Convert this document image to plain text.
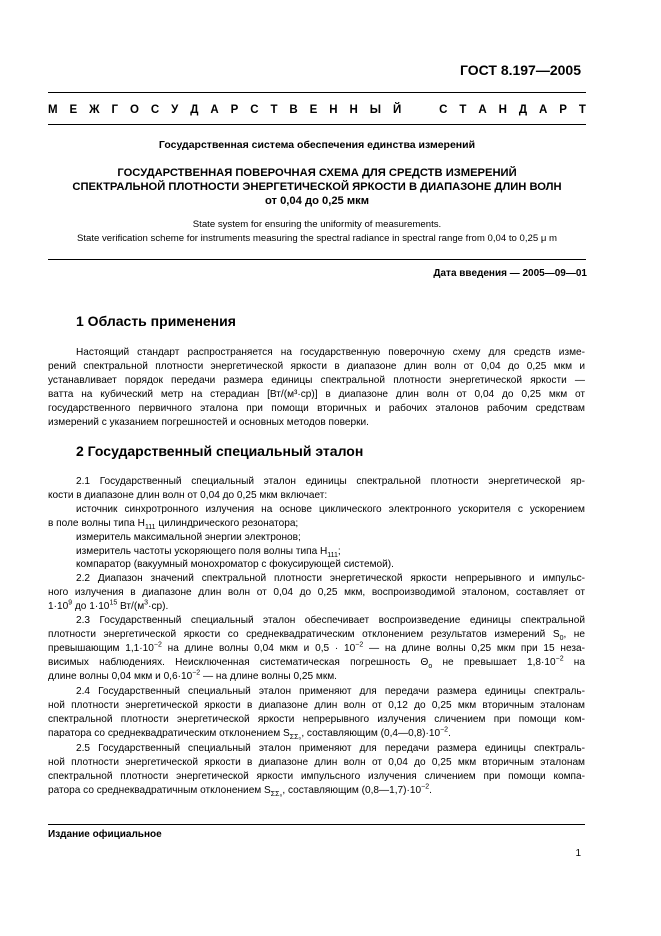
ГОСТ 8.197—2005
М Е Ж Г О С У Д А Р С Т В Е Н Н Ы Й	С Т А Н Д А Р Т
Государственная система обеспечения единства измерений
ГОСУДАРСТВЕННАЯ ПОВЕРОЧНАЯ СХЕМА ДЛЯ СРЕДСТВ ИЗМЕРЕНИЙ
СПЕКТРАЛЬНОЙ ПЛОТНОСТИ ЭНЕРГЕТИЧЕСКОЙ ЯРКОСТИ В ДИАПАЗОНЕ ДЛИН ВОЛН
от 0,04 до 0,25 мкм
State system for ensuring the uniformity of measurements.
State verification scheme for instruments measuring the spectral radiance in spectral range from 0,04 to 0,25 μ m
Дата введения — 2005—09—01
1 Область применения
Настоящий стандарт распространяется на государственную поверочную схему для средств изме-
рений спектральной плотности энергетической яркости в диапазоне длин волн от 0,04 до 0,25 мкм и
устанавливает порядок передачи размера единицы спектральной плотности энергетической яркости —
ватта на кубический метр на стерадиан [Вт/(м³·ср)] в диапазоне длин волн от 0,04 до 0,25 мкм от
государственного первичного эталона при помощи вторичных и рабочих эталонов рабочим средствам
измерений с указанием погрешностей и основных методов поверки.
2 Государственный специальный эталон
2.1 Государственный специальный эталон единицы спектральной плотности энергетической яр-
кости в диапазоне длин волн от 0,04 до 0,25 мкм включает:
источник синхротронного излучения на основе циклического электронного ускорителя с ускорением
в поле волны типа $H_{111}$ цилиндрического резонатора;
измеритель максимальной энергии электронов;
измеритель частоты ускоряющего поля волны типа $H_{111}$;
компаратор (вакуумный монохроматор с фокусирующей системой).
2.2 Диапазон значений спектральной плотности энергетической яркости непрерывного и импульс-
ного излучения в диапазоне длин волн от 0,04 до 0,25 мкм, воспроизводимой эталоном, составляет от
$1\cdot 10^9$ до $1\cdot 10^{15}$ $Вт/(м^3\cdot ср)$.
2.3 Государственный специальный эталон обеспечивает воспроизведение единицы спектральной
плотности энергетической яркости со среднеквадратическим отклонением результатов измерений $S_0$, не
превышающим $1,1\cdot 10^{-2}$ на длине волны 0,04 мкм и $0,5 \cdot 10^{-2}$ — на длине волны 0,25 мкм при 15 неза-
висимых наблюдениях. Неисключенная систематическая погрешность $\Theta_о$ не превышает $1,8\cdot 10^{-2}$ на
длине волны 0,04 мкм и $0,6\cdot 10^{-2}$ — на длине волны 0,25 мкм.
2.4 Государственный специальный эталон применяют для передачи размера единицы спектраль-
ной плотности энергетической яркости в диапазоне длин волн от 0,12 до 0,25 мкм вторичным эталонам
спектральной плотности энергетической яркости непрерывного излучения сличением при помощи ком-
паратора со среднеквадратическим отклонением $S_{\Sigma\Sigma_0}$, составляющим $(0,4—0,8)\cdot 10^{-2}$.
2.5 Государственный специальный эталон применяют для передачи размера единицы спектраль-
ной плотности энергетической яркости в диапазоне длин волн от 0,04 до 0,25 мкм вторичным эталонам
спектральной плотности энергетической яркости импульсного излучения сличением при помощи компа-
ратора со среднеквадратичным отклонением $S_{\Sigma\Sigma_0}$, составляющим $(0,8—1,7)\cdot 10^{-2}$.
Издание официальное
1
